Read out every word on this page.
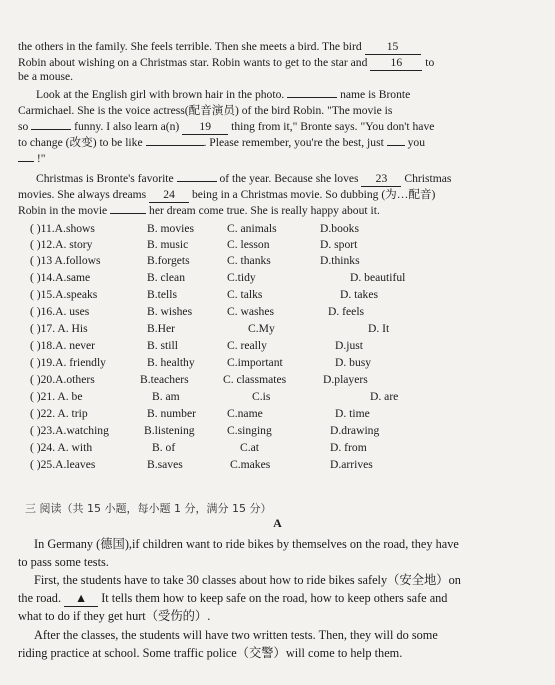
the others in the family. She feels terrible. Then she meets a bird. The bird 15
Robin about wishing on a Christmas star. Robin wants to get to the star and 16 to
be a mouse.
Look at the English girl with brown hair in the photo.	name is Bronte
Carmichael. She is the voice actress(配音演员) of the bird Robin. "The movie is
so	funny. I also learn a(n) 19 thing from it," Bronte says. "You don't have
to change (改变) to be like	. Please remember, you're the best, just you
!"
Christmas is Bronte's favorite	of the year. Because she loves 23 Christmas
movies. She always dreams 24 being in a Christmas movie. So dubbing (为…配音)
Robin in the movie	her dream come true. She is really happy about it.
( )11.A.shows	B. movies	C. animals	D.books
( )12.A. story	B. music	C. lesson	D. sport
( )13 A.follows	B.forgets	C. thanks	D.thinks
( )14.A.same	B. clean	C.tidy	D. beautiful
( )15.A.speaks	B.tells	C. talks	D. takes
( )16.A. uses	B. wishes	C. washes	D. feels
( )17. A. His	B.Her	C.My	D. It
( )18.A. never	B. still	C. really	D.just
( )19.A. friendly	B. healthy	C.important	D. busy
( )20.A.others	B.teachers	C. classmates	D.players
( )21. A. be	B. am	C.is	D. are
( )22. A. trip	B. number	C.name	D. time
( )23.A.watching	B.listening	C.singing	D.drawing
( )24. A. with	B. of	C.at	D. from
( )25.A.leaves	B.saves	C.makes	D.arrives
三 阅读（共 15 小题，每小题 1 分，满分 15 分）
A
In Germany (德国),if children want to ride bikes by themselves on the road, they have
to pass some tests.
First, the students have to take 30 classes about how to ride bikes safely（安全地）on
the road. ▲ It tells them how to keep safe on the road, how to keep others safe and
what to do if they get hurt（受伤的）.
After the classes, the students will have two written tests. Then, they will do some
riding practice at school. Some traffic police（交警）will come to help them.
